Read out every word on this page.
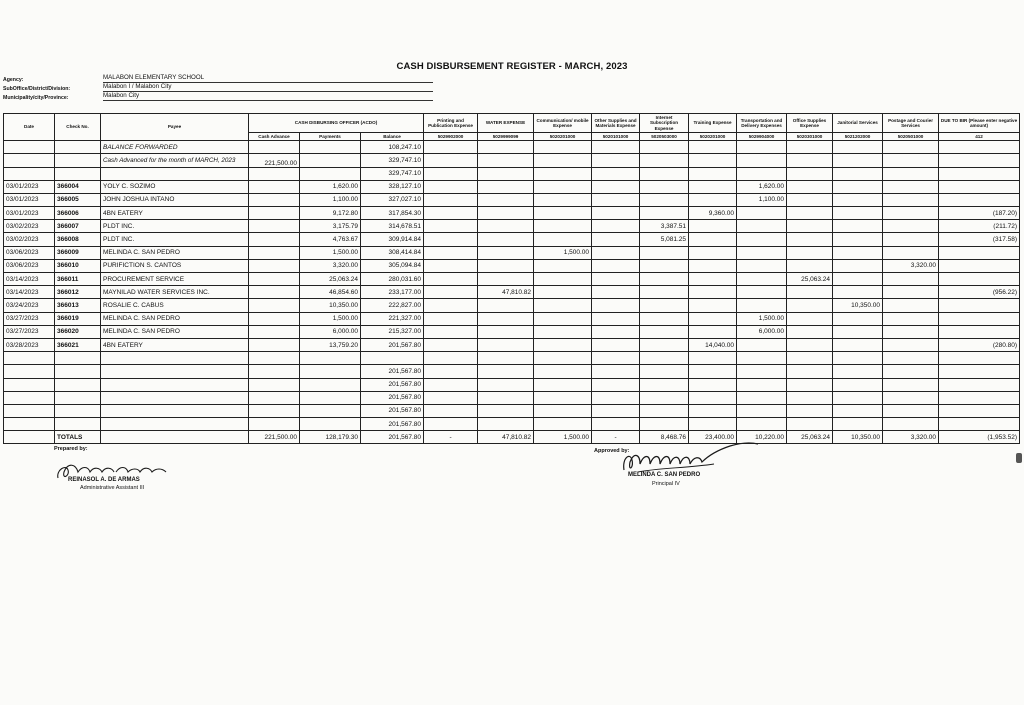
CASH DISBURSEMENT REGISTER - MARCH, 2023
Agency:	MALABON ELEMENTARY SCHOOL
SubOffice/District/Division:	Malabon I / Malabon City
Municipality/city/Province:	Malabon City
Date	Check No.	Payee	CASH DISBURSING OFFICER (ACDO)			Printing and Publication Expense	WATER EXPENSE	Communication/ mobile Expense	Other Supplies and Materials Expense	Internet Subscription Expense	Training Expense	Transportation and Delivery Expenses	Office Supplies Expense	Janitorial Services	Postage and Courier Services	DUE TO BIR (Please enter negative amount)
			Cash Advance	Payments	Balance	5029902000	5029999099	5020201000	5020101000	5020503000	5020201000	5029904000	5020301000	5021202000	5020501000	412

		BALANCE FORWARDED			108,247.10											
		Cash Advanced for the month of MARCH, 2023	221,500.00		329,747.10											
					329,747.10											
03/01/2023	366004	YOLY C. SOZIMO		1,620.00	328,127.10							1,620.00				
03/01/2023	366005	JOHN JOSHUA INTANO		1,100.00	327,027.10							1,100.00				
03/01/2023	366006	4BN EATERY		9,172.80	317,854.30						9,360.00					(187.20)
03/02/2023	366007	PLDT INC.		3,175.79	314,678.51					3,387.51						(211.72)
03/02/2023	366008	PLDT INC.		4,763.67	309,914.84					5,081.25						(317.58)
03/06/2023	366009	MELINDA C. SAN PEDRO		1,500.00	308,414.84			1,500.00								
03/06/2023	366010	PURIFICTION S. CANTOS		3,320.00	305,094.84										3,320.00	
03/14/2023	366011	PROCUREMENT SERVICE		25,063.24	280,031.60								25,063.24			
03/14/2023	366012	MAYNILAD WATER SERVICES INC.		46,854.60	233,177.00		47,810.82									(956.22)
03/24/2023	366013	ROSALIE C. CABUS		10,350.00	222,827.00									10,350.00		
03/27/2023	366019	MELINDA C. SAN PEDRO		1,500.00	221,327.00							1,500.00				
03/27/2023	366020	MELINDA C. SAN PEDRO		6,000.00	215,327.00							6,000.00				
03/28/2023	366021	4BN EATERY		13,759.20	201,567.80						14,040.00					(280.80)

					201,567.80											
					201,567.80											
					201,567.80											
					201,567.80											
					201,567.80											
	TOTALS		221,500.00	128,179.30	201,567.80	-	47,810.82	1,500.00	-	8,468.76	23,400.00	10,220.00	25,063.24	10,350.00	3,320.00	(1,953.52)
Prepared by:
REINASOL A. DE ARMAS
Administrative Assistant III
Approved by:
MELINDA C. SAN PEDRO
Principal IV
